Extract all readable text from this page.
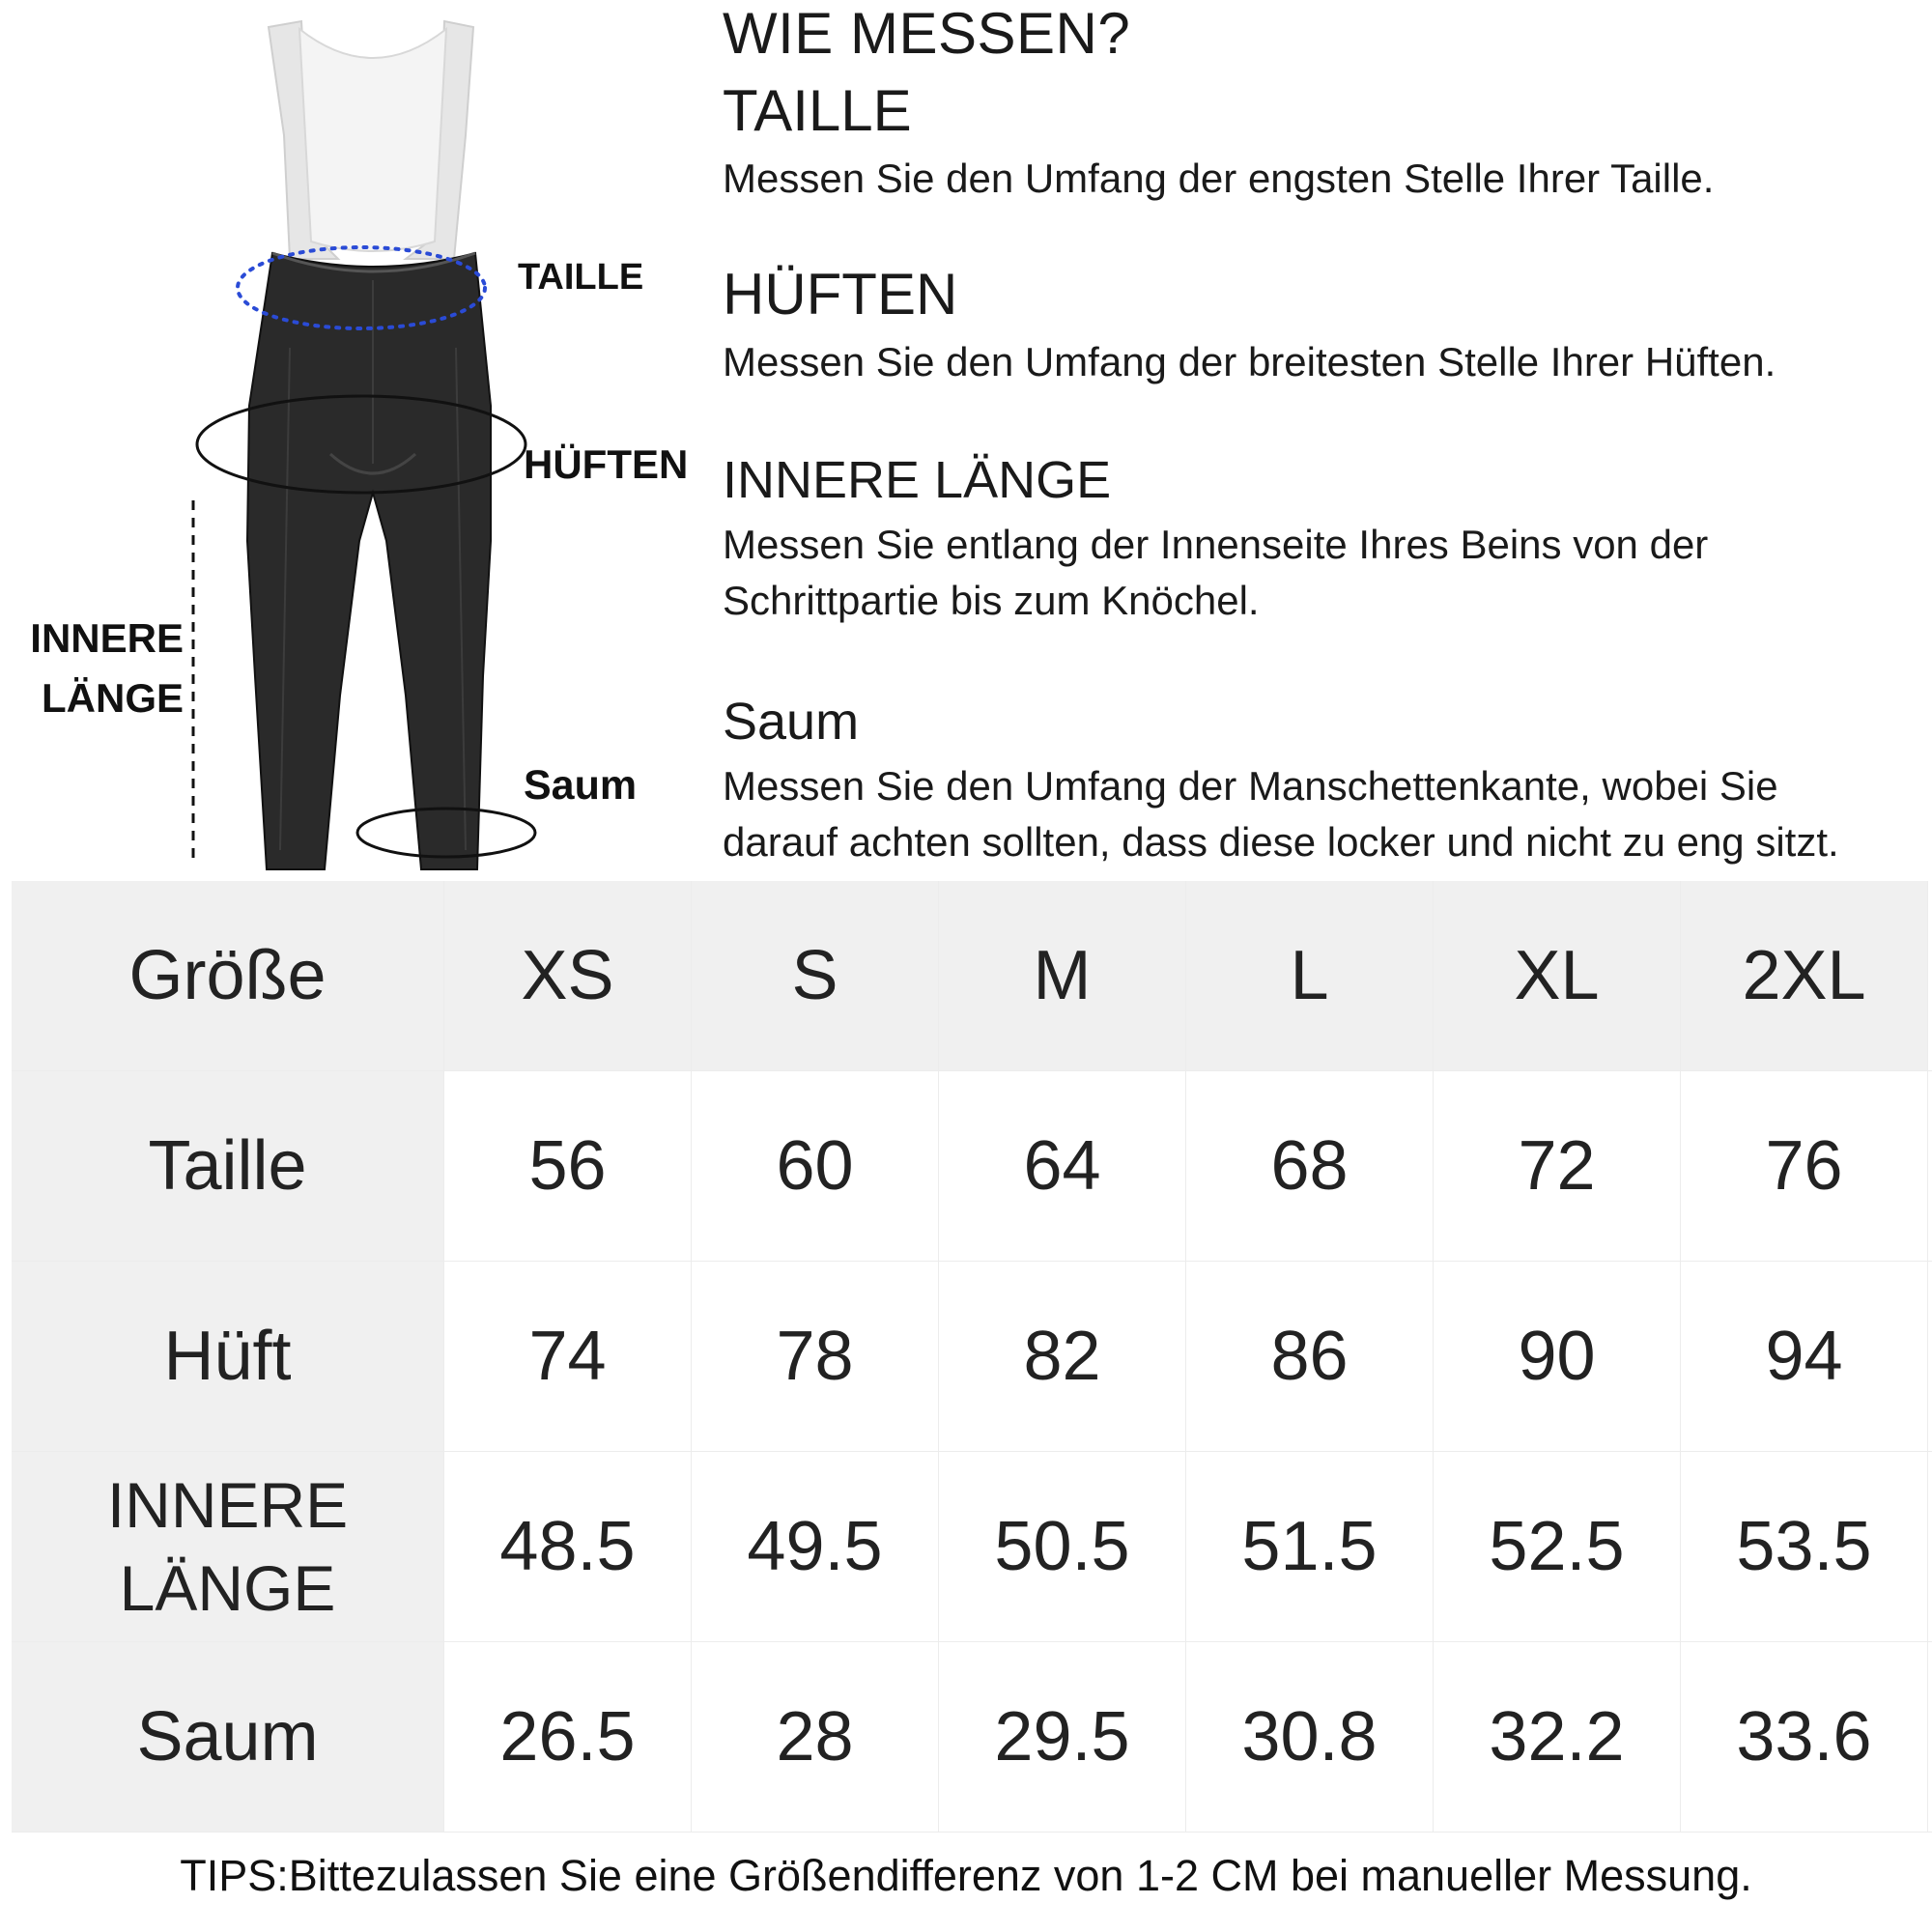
TAILLE
HÜFTEN
INNERE
LÄNGE
Saum
WIE MESSEN?
TAILLE

Messen Sie den Umfang der engsten Stelle Ihrer Taille.

HÜFTEN

Messen Sie den Umfang der breitesten Stelle Ihrer Hüften.

INNERE LÄNGE

Messen Sie entlang der Innenseite Ihres Beins von der
Schrittpartie bis zum Knöchel.

Saum

Messen Sie den Umfang der Manschettenkante, wobei Sie
darauf achten sollten, dass diese locker und nicht zu eng sitzt.

Größe	XS	S	M	L	XL	2XL
Taille	56	60	64	68	72	76
Hüft	74	78	82	86	90	94
INNERE
LÄNGE
48.5	49.5	50.5	51.5	52.5	53.5
Saum	26.5	28	29.5	30.8	32.2	33.6
TIPS:Bittezulassen Sie eine Größendifferenz von 1-2 CM bei manueller Messung.
